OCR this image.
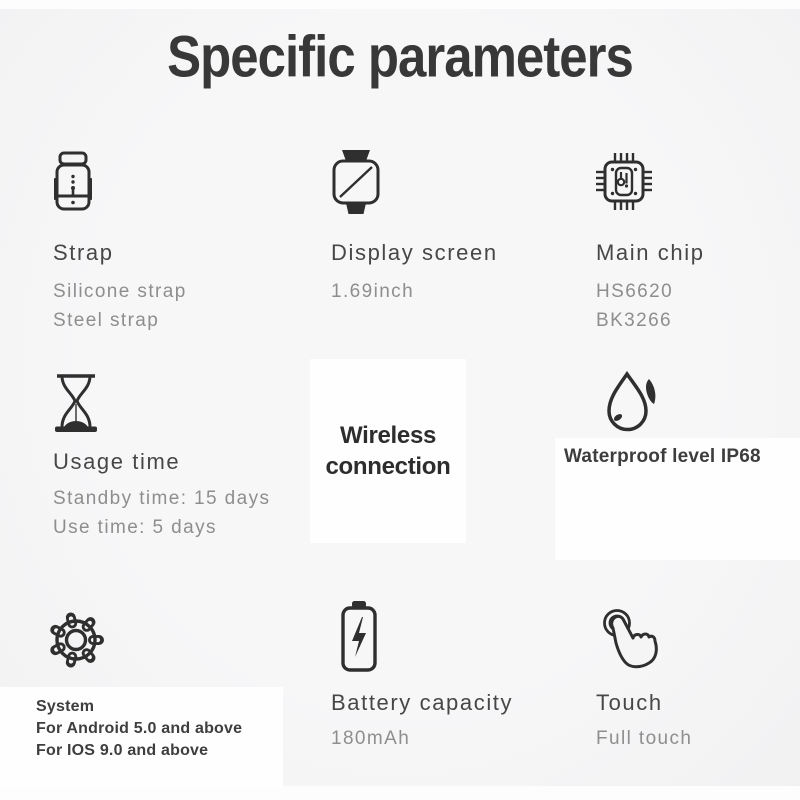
Specific parameters
Strap
Silicone strap
Steel strap
Display screen
1.69inch
Main chip
HS6620
BK3266
Usage time
Standby time: 15 days
Use time: 5 days
Wireless
connection	Waterproof level IP68
System
For Android 5.0 and above
For IOS 9.0 and above
Battery capacity
180mAh
Touch
Full touch
